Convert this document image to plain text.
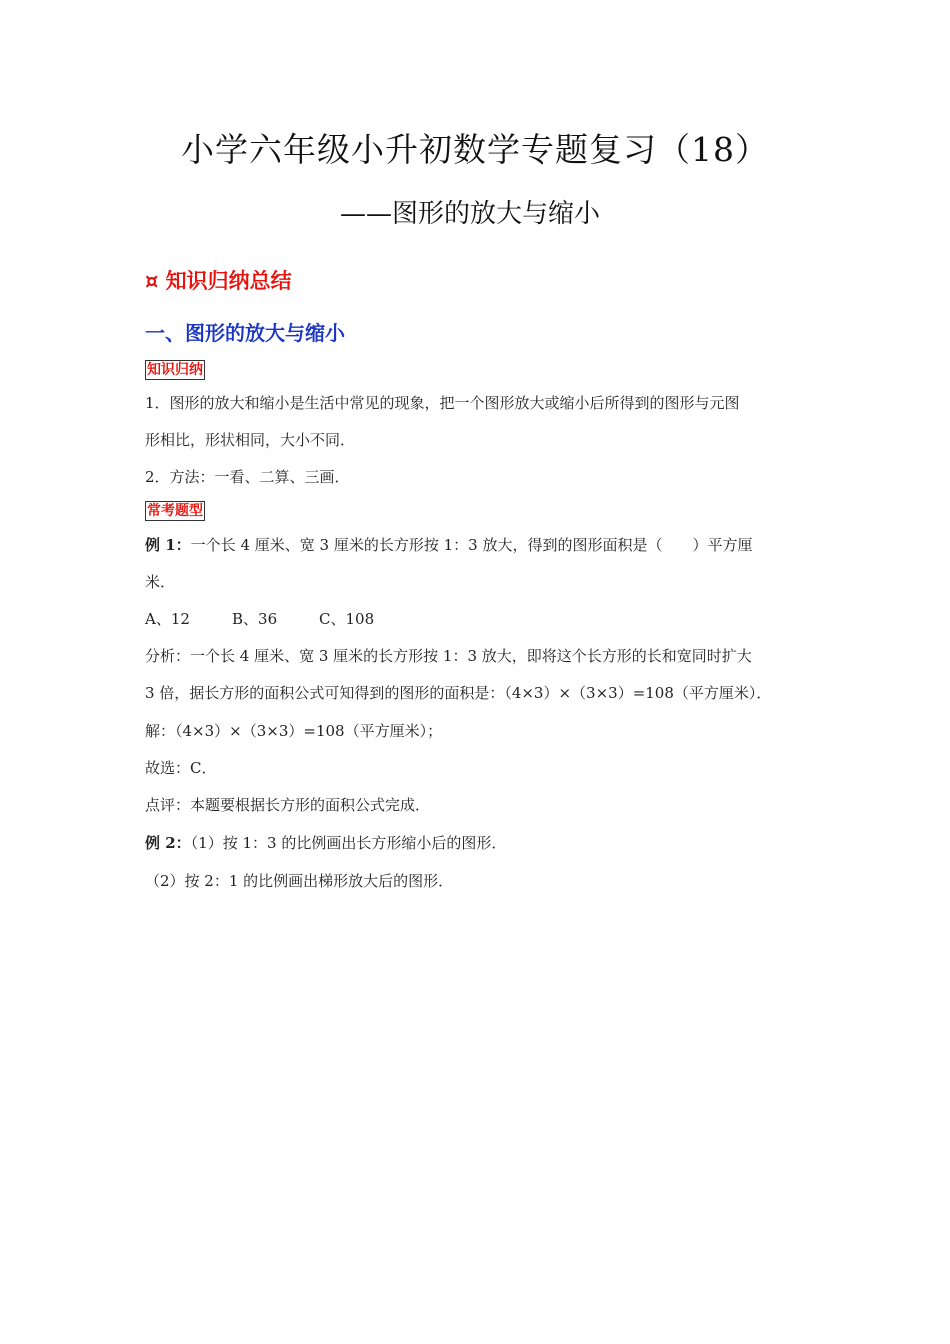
小学六年级小升初数学专题复习（18）
——图形的放大与缩小
¤ 知识归纳总结
一、图形的放大与缩小
知识归纳
1．图形的放大和缩小是生活中常见的现象，把一个图形放大或缩小后所得到的图形与元图
形相比，形状相同，大小不同．
2．方法：一看、二算、三画．
常考题型
例 1：一个长 4 厘米、宽 3 厘米的长方形按 1：3 放大，得到的图形面积是（　　）平方厘
米．
A、12	B、36	C、108
分析：一个长 4 厘米、宽 3 厘米的长方形按 1：3 放大，即将这个长方形的长和宽同时扩大
3 倍，据长方形的面积公式可知得到的图形的面积是：（4×3）×（3×3）=108（平方厘米）．
解：（4×3）×（3×3）=108（平方厘米）；
故选：C．
点评：本题要根据长方形的面积公式完成．
例 2：（1）按 1：3 的比例画出长方形缩小后的图形．
（2）按 2：1 的比例画出梯形放大后的图形．
